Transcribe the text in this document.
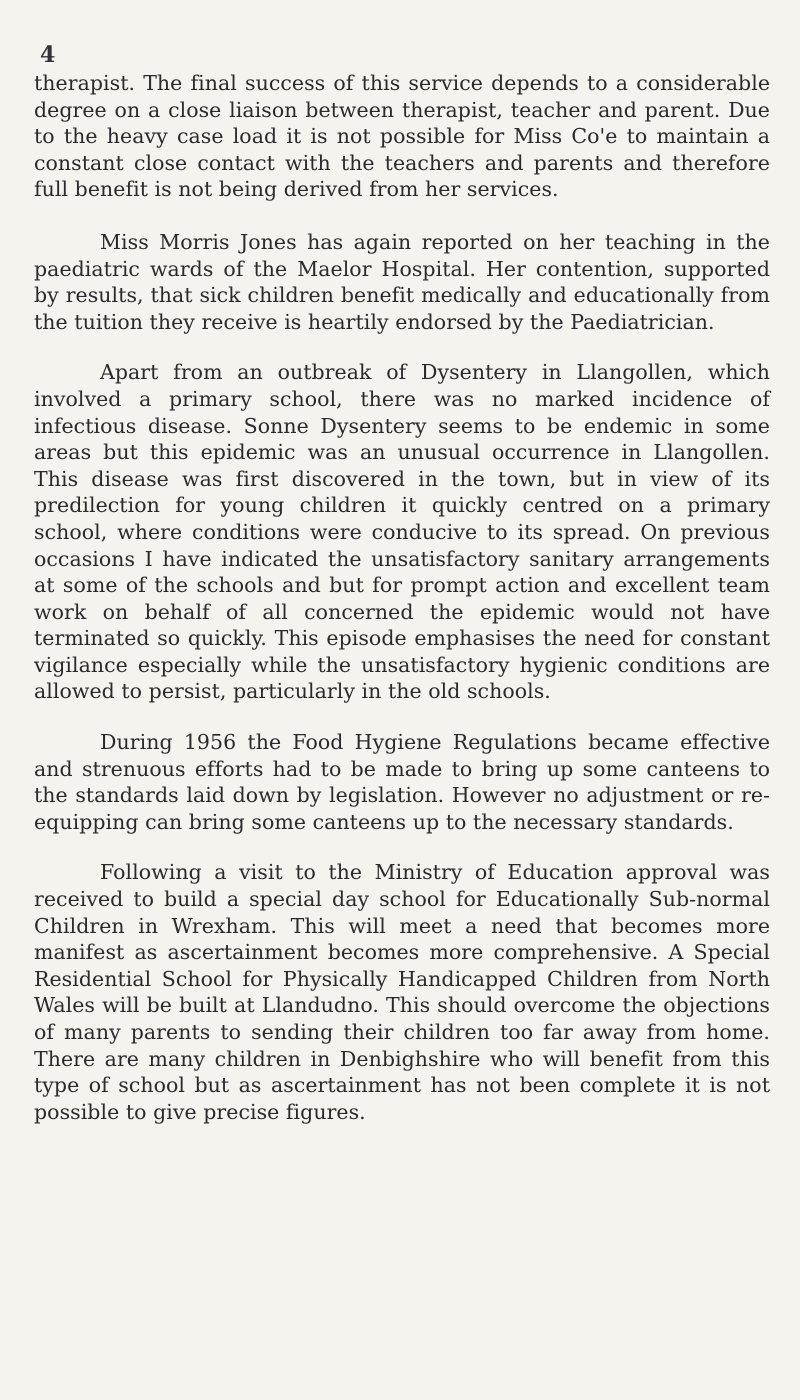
4

therapist. The final success of this service depends to a considerable degree on a close liaison between therapist, teacher and parent. Due to the heavy case load it is not possible for Miss Co'e to maintain a constant close contact with the teachers and parents and therefore full benefit is not being derived from her services.

Miss Morris Jones has again reported on her teaching in the paediatric wards of the Maelor Hospital. Her contention, supported by results, that sick children benefit medically and educationally from the tuition they receive is heartily endorsed by the Paediatrician.

Apart from an outbreak of Dysentery in Llangollen, which involved a primary school, there was no marked incidence of infectious disease. Sonne Dysentery seems to be endemic in some areas but this epidemic was an unusual occurrence in Llangollen. This disease was first discovered in the town, but in view of its predilection for young children it quickly centred on a primary school, where conditions were conducive to its spread. On previous occasions I have indicated the unsatisfactory sanitary arrangements at some of the schools and but for prompt action and excellent team work on behalf of all concerned the epidemic would not have terminated so quickly. This episode emphasises the need for constant vigilance especially while the unsatisfactory hygienic conditions are allowed to persist, particularly in the old schools.

During 1956 the Food Hygiene Regulations became effective and strenuous efforts had to be made to bring up some canteens to the standards laid down by legislation. However no adjustment or re-equipping can bring some canteens up to the necessary standards.

Following a visit to the Ministry of Education approval was received to build a special day school for Educationally Sub-normal Children in Wrexham. This will meet a need that becomes more manifest as ascertainment becomes more comprehensive. A Special Residential School for Physically Handicapped Children from North Wales will be built at Llandudno. This should overcome the objections of many parents to sending their children too far away from home. There are many children in Denbighshire who will benefit from this type of school but as ascertainment has not been complete it is not possible to give precise figures.
